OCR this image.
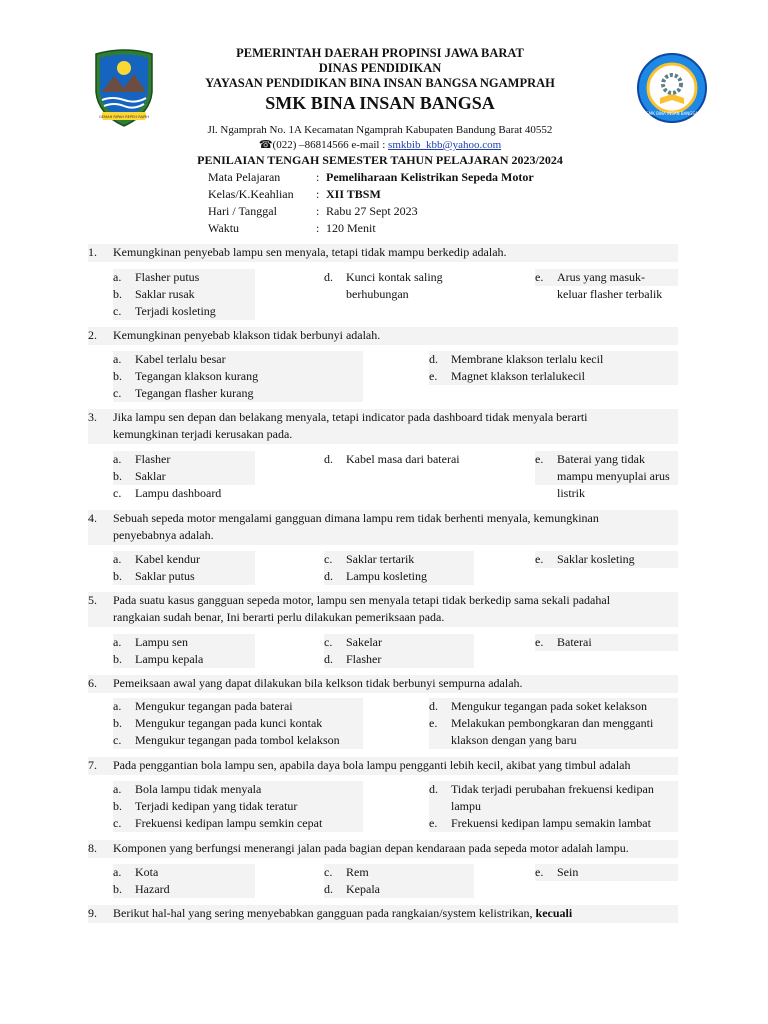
GEMAH RIPAH REPEH RAPIH
SMK BINA INSAN BANGSA
PEMERINTAH DAERAH PROPINSI JAWA BARAT
DINAS PENDIDIKAN
YAYASAN PENDIDIKAN BINA INSAN BANGSA NGAMPRAH
SMK BINA INSAN BANGSA
Jl. Ngamprah No. 1A Kecamatan Ngamprah Kabupaten Bandung Barat 40552
☎(022) –86814566 e-mail : smkbib_kbb@yahoo.com
PENILAIAN TENGAH SEMESTER TAHUN PELAJARAN 2023/2024
Mata Pelajaran	: Pemeliharaan Kelistrikan Sepeda Motor
Kelas/K.Keahlian : XII TBSM
Hari / Tanggal	: Rabu 27 Sept 2023
Waktu	: 120 Menit
1. Kemungkinan penyebab lampu sen menyala, tetapi tidak mampu berkedip adalah.
a. Flasher putus
b. Saklar rusak
c. Terjadi kosleting
d. Kunci kontak saling
berhubungan
e. Arus yang masuk-
keluar flasher terbalik
2. Kemungkinan penyebab klakson tidak berbunyi adalah.
a. Kabel terlalu besar
b. Tegangan klakson kurang
c. Tegangan flasher kurang
d. Membrane klakson terlalu kecil
e. Magnet klakson terlalukecil
3. Jika lampu sen depan dan belakang menyala, tetapi indicator pada dashboard tidak menyala berarti
kemungkinan terjadi kerusakan pada.
a. Flasher
b. Saklar
c. Lampu dashboard
d. Kabel masa dari baterai	e. Baterai yang tidak
mampu menyuplai arus
listrik
4. Sebuah sepeda motor mengalami gangguan dimana lampu rem tidak berhenti menyala, kemungkinan
penyebabnya adalah.
a. Kabel kendur
b. Saklar putus
c. Saklar tertarik
d. Lampu kosleting
e. Saklar kosleting
5. Pada suatu kasus gangguan sepeda motor, lampu sen menyala tetapi tidak berkedip sama sekali padahal
rangkaian sudah benar, Ini berarti perlu dilakukan pemeriksaan pada.
a. Lampu sen
b. Lampu kepala
c. Sakelar
d. Flasher
e. Baterai
6. Pemeiksaan awal yang dapat dilakukan bila kelkson tidak berbunyi sempurna adalah.
a. Mengukur tegangan pada baterai
b. Mengukur tegangan pada kunci kontak
c. Mengukur tegangan pada tombol kelakson
d. Mengukur tegangan pada soket kelakson
e. Melakukan pembongkaran dan mengganti
klakson dengan yang baru
7. Pada penggantian bola lampu sen, apabila daya bola lampu pengganti lebih kecil, akibat yang timbul adalah
a. Bola lampu tidak menyala
b. Terjadi kedipan yang tidak teratur
c. Frekuensi kedipan lampu semkin cepat
d. Tidak terjadi perubahan frekuensi kedipan
lampu
e. Frekuensi kedipan lampu semakin lambat
8. Komponen yang berfungsi menerangi jalan pada bagian depan kendaraan pada sepeda motor adalah lampu.
a. Kota
b. Hazard
c. Rem
d. Kepala
e. Sein
9. Berikut hal-hal yang sering menyebabkan gangguan pada rangkaian/system kelistrikan, kecuali
